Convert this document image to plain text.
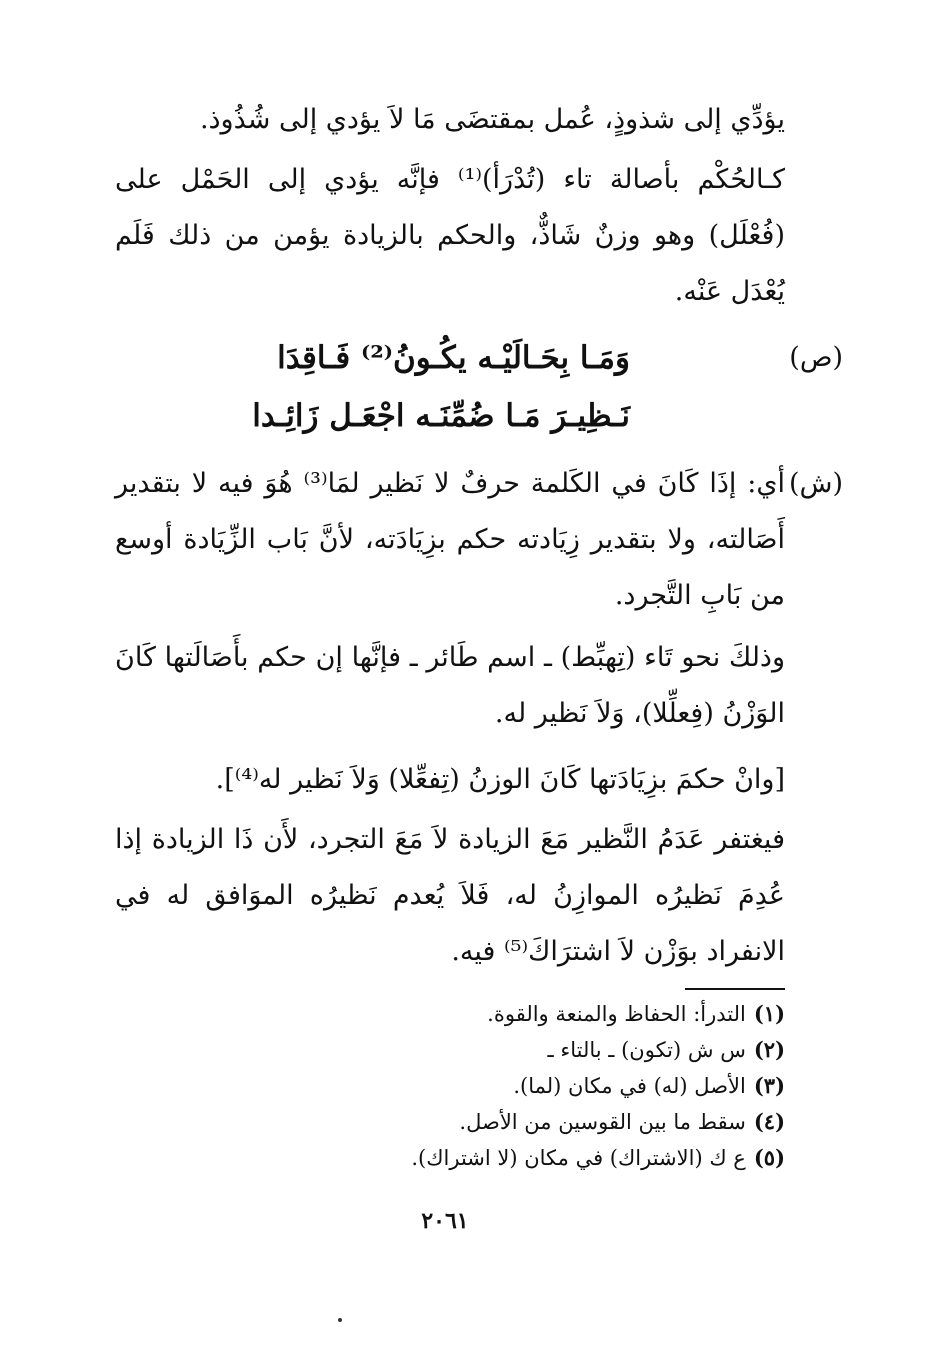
يؤدِّي إلى شذوذٍ، عُمل بمقتضَى مَا لاَ يؤدي إلى شُذُوذ.
كـالحُكْم بأصالة تاء (تُدْرَأ)⁽¹⁾ فإنَّه يؤدي إلى الحَمْل على (فُعْلَل) وهو وزنٌ شَاذٌّ، والحكم بالزيادة يؤمن من ذلك فَلَم يُعْدَل عَنْه.
(ص)
وَمَـا بِحَـالَيْـه يكُـونُ⁽²⁾ فَـاقِدَا
نَـظِيـرَ مَـا ضُمِّنَـه اجْعَـل زَائِـدا
(ش)
أي: إذَا كَانَ في الكَلمة حرفٌ لا نَظير لمَا⁽³⁾ هُوَ فيه لا بتقدير أَصَالته، ولا بتقدير زِيَادته حكم بزِيَادَته، لأنَّ بَاب الزِّيَادة أوسع من بَابِ التَّجرد.
وذلكَ نحو تَاء (تِهبِّط) ـ اسم طَائر ـ فإنَّها إن حكم بأَصَالَتها كَانَ الوَزْنُ (فِعلِّلا)، وَلاَ نَظير له.
[وانْ حكمَ بزِيَادَتها كَانَ الوزنُ (تِفعِّلا) وَلاَ نَظير له⁽⁴⁾].
فيغتفر عَدَمُ النَّظير مَعَ الزيادة لاَ مَعَ التجرد، لأَن ذَا الزيادة إذا عُدِمَ نَظيرُه الموازِنُ له، فَلاَ يُعدم نَظيرُه الموَافق له في الانفراد بوَزْن لاَ اشترَاكَ⁽⁵⁾ فيه.
(١)التدرأ: الحفاظ والمنعة والقوة.
(٢)س ش (تكون) ـ بالتاء ـ
(٣)الأصل (له) في مكان (لما).
(٤)سقط ما بين القوسين من الأصل.
(٥)ع ك (الاشتراك) في مكان (لا اشتراك).
٢٠٦١
